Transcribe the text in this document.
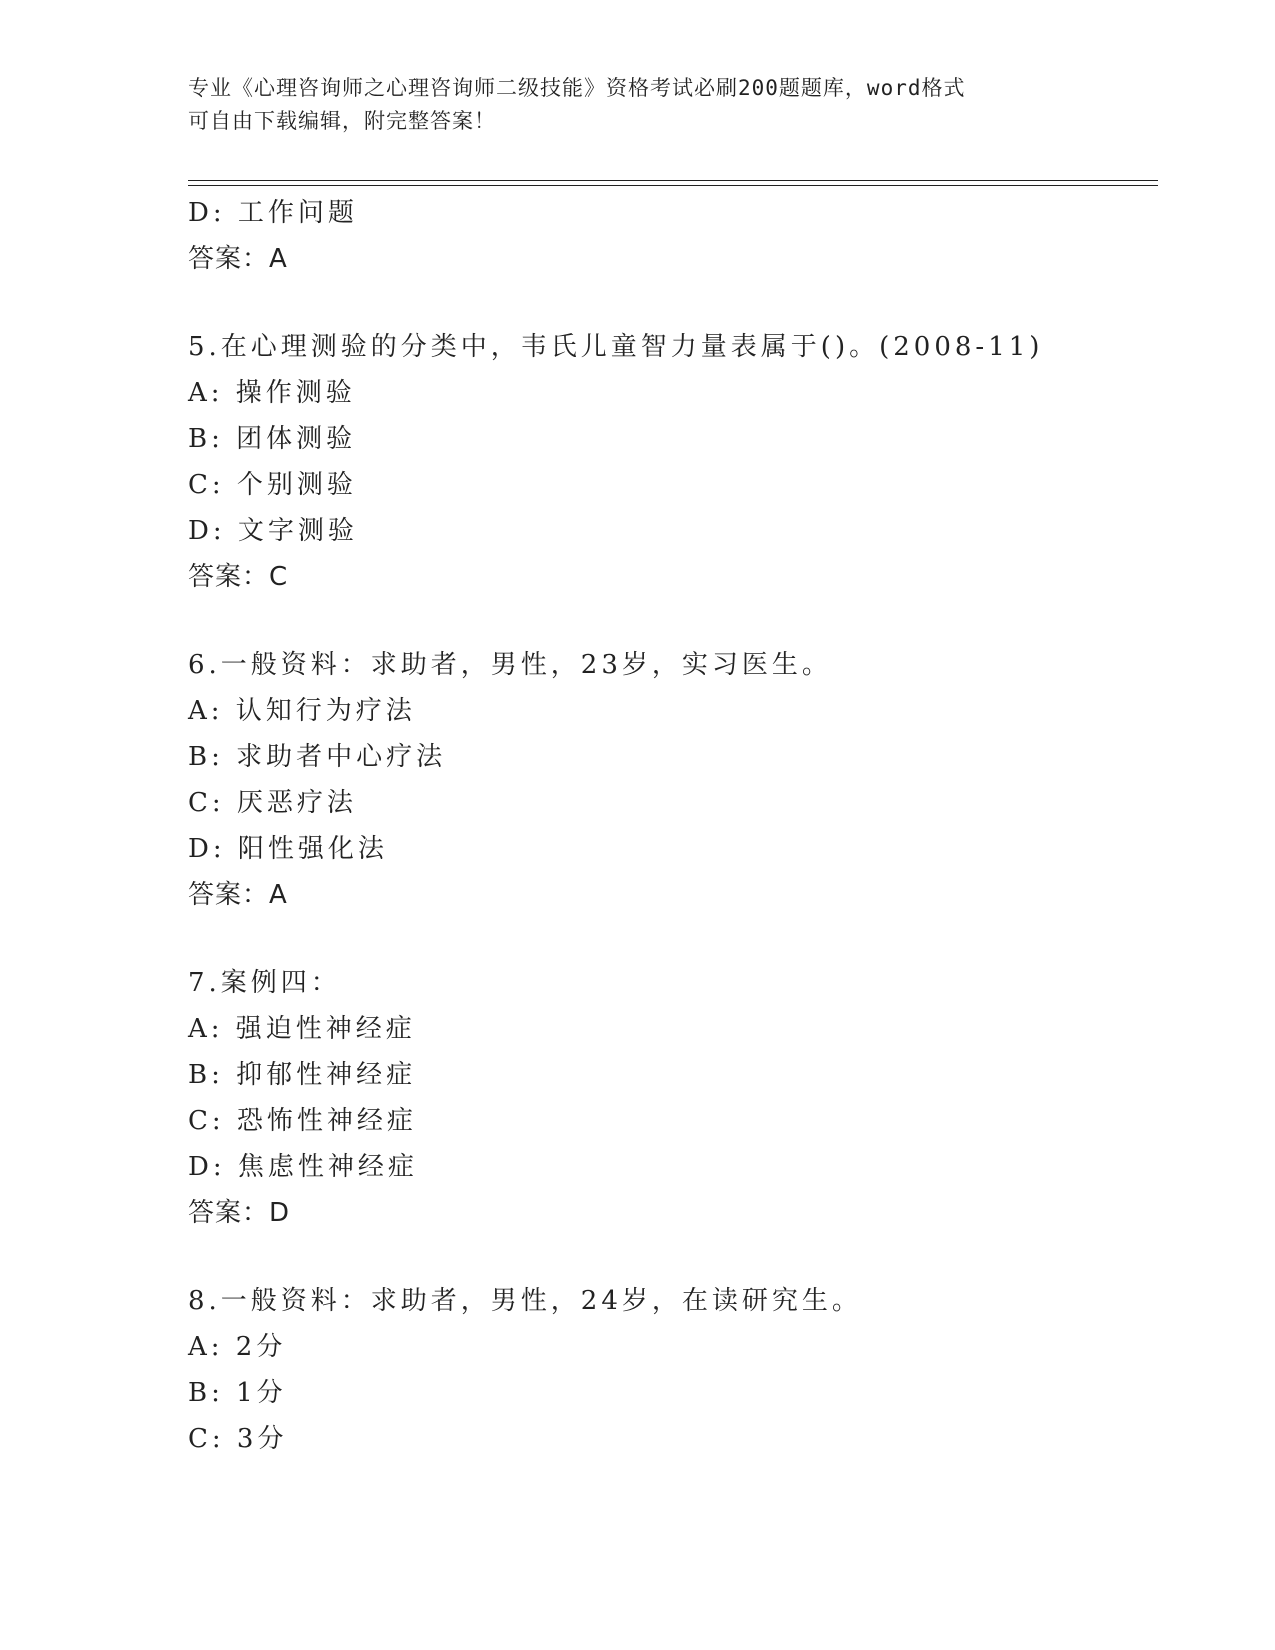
专业《心理咨询师之心理咨询师二级技能》资格考试必刷200题题库，word格式
可自由下载编辑，附完整答案！
D: 工作问题
答案：A
5.在心理测验的分类中，韦氏儿童智力量表属于()。(2008-11)
A: 操作测验
B: 团体测验
C: 个别测验
D: 文字测验
答案：C
6.一般资料：求助者，男性，23岁，实习医生。
A: 认知行为疗法
B: 求助者中心疗法
C: 厌恶疗法
D: 阳性强化法
答案：A
7.案例四：
A: 强迫性神经症
B: 抑郁性神经症
C: 恐怖性神经症
D: 焦虑性神经症
答案：D
8.一般资料：求助者，男性，24岁，在读研究生。
A: 2分
B: 1分
C: 3分
